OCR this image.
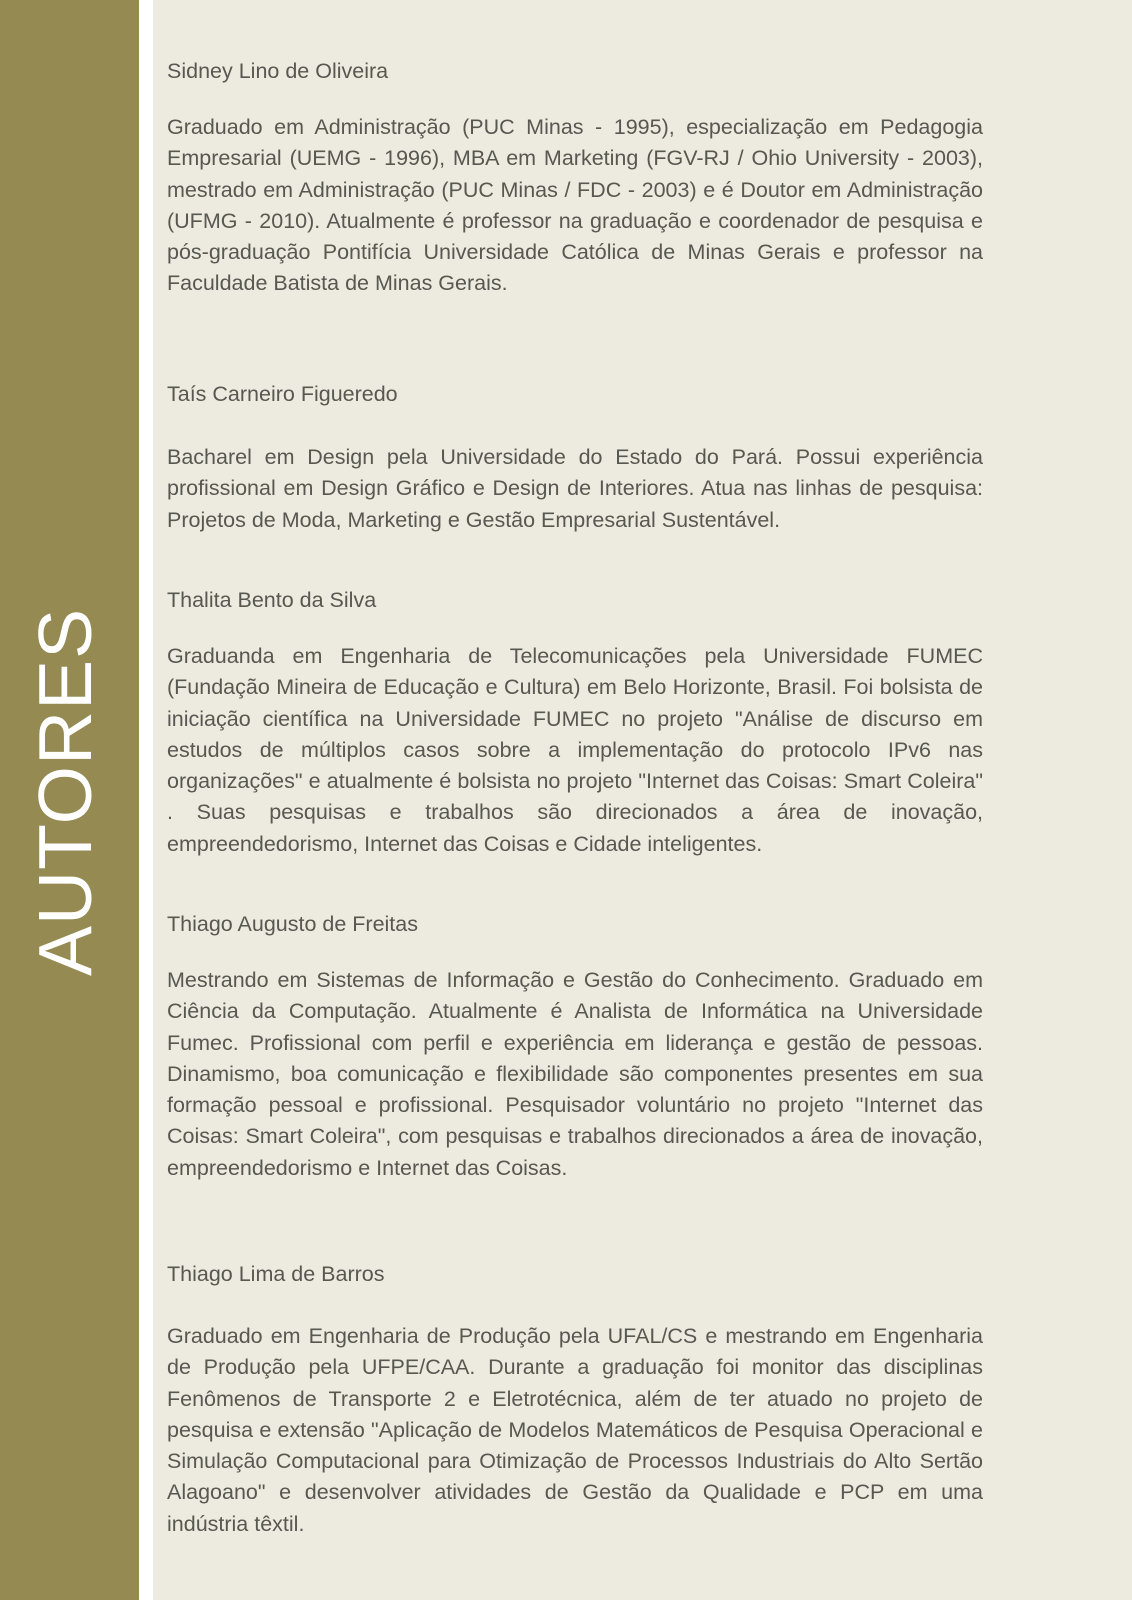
AUTORES
Sidney Lino de Oliveira

Graduado em Administração (PUC Minas - 1995), especialização em Pedagogia Empresarial (UEMG - 1996), MBA em Marketing (FGV-RJ / Ohio University - 2003), mestrado em Administração (PUC Minas / FDC - 2003) e é Doutor em Administração (UFMG - 2010). Atualmente é professor na graduação e coordenador de pesquisa e pós-graduação Pontifícia Universidade Católica de Minas Gerais e professor na Faculdade Batista de Minas Gerais.

Taís Carneiro Figueredo

Bacharel em Design pela Universidade do Estado do Pará. Possui experiência profissional em Design Gráfico e Design de Interiores. Atua nas linhas de pesquisa: Projetos de Moda, Marketing e Gestão Empresarial Sustentável.

Thalita Bento da Silva

Graduanda em Engenharia de Telecomunicações pela Universidade FUMEC (Fundação Mineira de Educação e Cultura) em Belo Horizonte, Brasil. Foi bolsista de iniciação científica na Universidade FUMEC no projeto "Análise de discurso em estudos de múltiplos casos sobre a implementação do protocolo IPv6 nas organizações" e atualmente é bolsista no projeto "Internet das Coisas: Smart Coleira" . Suas pesquisas e trabalhos são direcionados a área de inovação, empreendedorismo, Internet das Coisas e Cidade inteligentes.

Thiago Augusto de Freitas

Mestrando em Sistemas de Informação e Gestão do Conhecimento. Graduado em Ciência da Computação. Atualmente é Analista de Informática na Universidade Fumec. Profissional com perfil e experiência em liderança e gestão de pessoas. Dinamismo, boa comunicação e flexibilidade são componentes presentes em sua formação pessoal e profissional. Pesquisador voluntário no projeto "Internet das Coisas: Smart Coleira", com pesquisas e trabalhos direcionados a área de inovação, empreendedorismo e Internet das Coisas.

Thiago Lima de Barros

Graduado em Engenharia de Produção pela UFAL/CS e mestrando em Engenharia de Produção pela UFPE/CAA. Durante a graduação foi monitor das disciplinas Fenômenos de Transporte 2 e Eletrotécnica, além de ter atuado no projeto de pesquisa e extensão "Aplicação de Modelos Matemáticos de Pesquisa Operacional e Simulação Computacional para Otimização de Processos Industriais do Alto Sertão Alagoano" e desenvolver atividades de Gestão da Qualidade e PCP em uma indústria têxtil.
